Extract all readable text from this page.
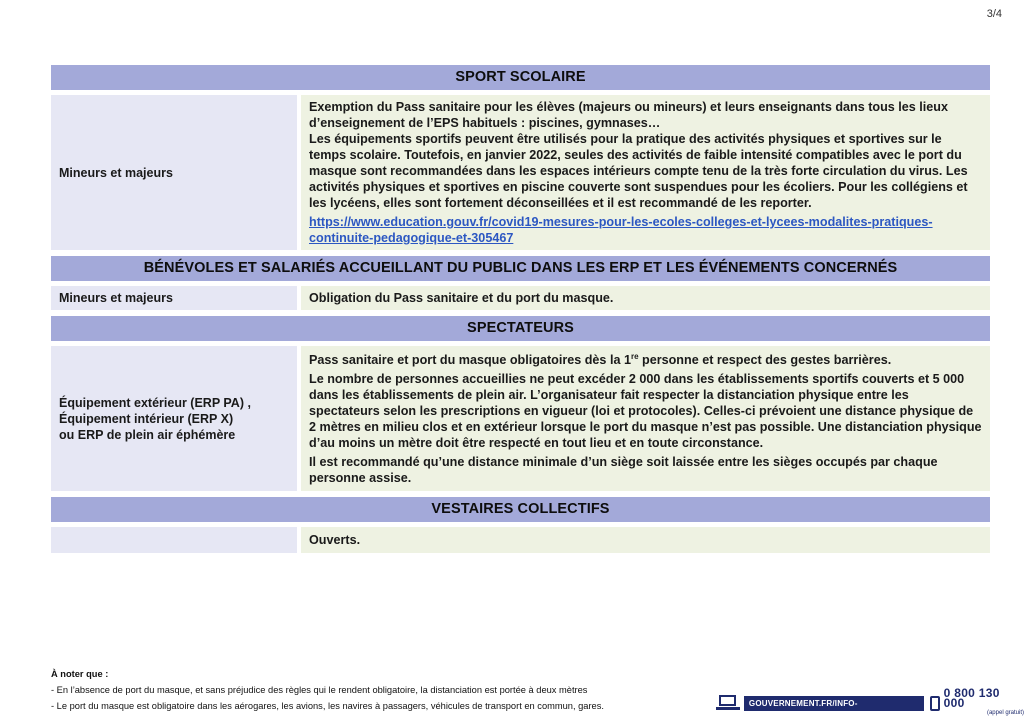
3/4
SPORT SCOLAIRE
Mineurs et majeurs

Exemption du Pass sanitaire pour les élèves (majeurs ou mineurs) et leurs enseignants dans tous les lieux d’enseignement de l’EPS habituels : piscines, gymnases…

Les équipements sportifs peuvent être utilisés pour la pratique des activités physiques et sportives sur le temps scolaire. Toutefois, en janvier 2022, seules des activités de faible intensité compatibles avec le port du masque sont recommandées dans les espaces intérieurs compte tenu de la très forte circulation du virus. Les activités physiques et sportives en piscine couverte sont suspendues pour les écoliers. Pour les collégiens et les lycéens, elles sont fortement déconseillées et il est recommandé de les reporter.

https://www.education.gouv.fr/covid19-mesures-pour-les-ecoles-colleges-et-lycees-modalites-pratiques-continuite-pedagogique-et-305467

BÉNÉVOLES ET SALARIÉS ACCUEILLANT DU PUBLIC DANS LES ERP ET LES ÉVÉNEMENTS CONCERNÉS
Mineurs et majeurs	Obligation du Pass sanitaire et du port du masque.

SPECTATEURS
Équipement extérieur (ERP PA) ,
Équipement intérieur (ERP X)
ou ERP de plein air éphémère

Pass sanitaire et port du masque obligatoires dès la 1re personne et respect des gestes barrières.

Le nombre de personnes accueillies ne peut excéder 2 000 dans les établissements sportifs couverts et 5 000 dans les établissements de plein air. L’organisateur fait respecter la distanciation physique entre les spectateurs selon les prescriptions en vigueur (loi et protocoles). Celles-ci prévoient une distance physique de 2 mètres en milieu clos et en extérieur lorsque le port du masque n’est pas possible. Une distanciation physique d’au moins un mètre doit être respecté en tout lieu et en toute circonstance.

Il est recommandé qu’une distance minimale d’un siège soit laissée entre les sièges occupés par chaque personne assise.

VESTAIRES COLLECTIFS

Ouverts.

À noter que :
- En l’absence de port du masque, et sans préjudice des règles qui le rendent obligatoire, la distanciation est portée à deux mètres
- Le port du masque est obligatoire dans les aérogares, les avions, les navires à passagers, véhicules de transport en commun, gares.	GOUVERNEMENT.FR/INFO-CORONAVIRUS
0 800 130 000
(appel gratuit)
